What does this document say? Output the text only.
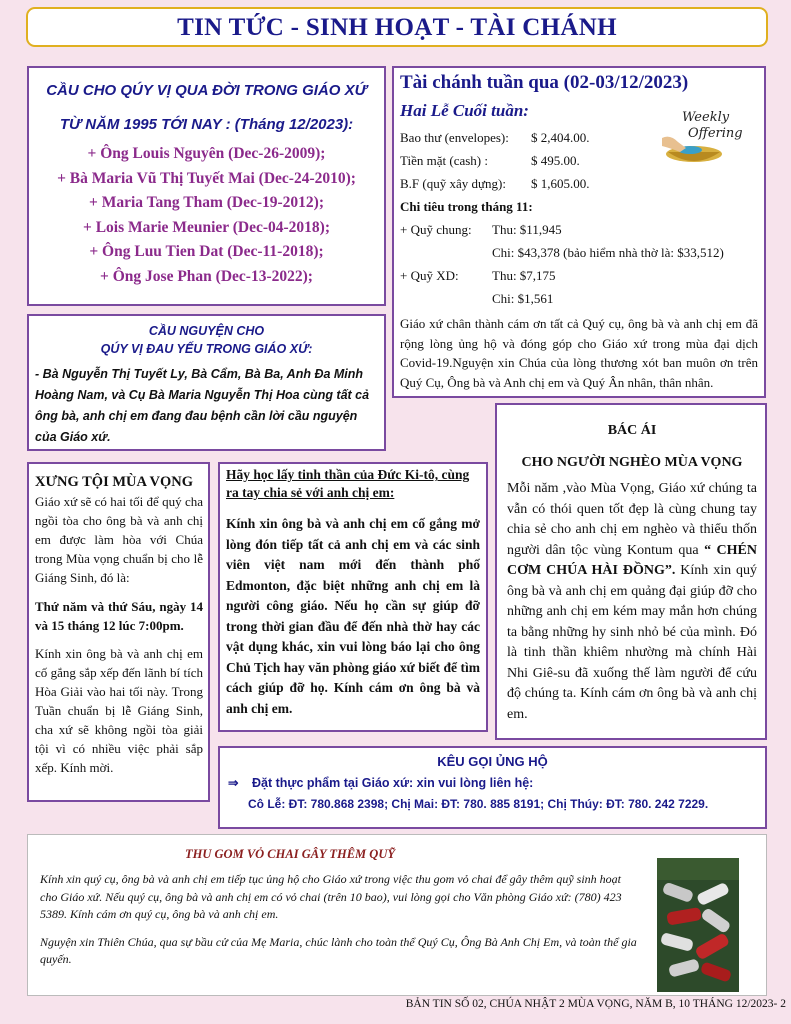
TIN TỨC - SINH HOẠT - TÀI CHÁNH

CẦU CHO QÚY VỊ QUA ĐỜI TRONG GIÁO XỨ

TỪ NĂM 1995 TỚI NAY : (Tháng 12/2023):

+ Ông Louis Nguyên (Dec-26-2009);

+ Bà Maria Vũ Thị Tuyết Mai (Dec-24-2010);

+ Maria Tang Tham (Dec-19-2012);

+ Lois Marie Meunier (Dec-04-2018);

+ Ông Luu Tien Dat (Dec-11-2018);

+ Ông Jose Phan (Dec-13-2022);

CẦU NGUYỆN CHO

QÚY VỊ ĐAU YẾU TRONG GIÁO XỨ:

- Bà Nguyễn Thị Tuyết Ly, Bà Cẩm, Bà Ba, Anh Đa Minh Hoàng Nam, và Cụ Bà Maria Nguyễn Thị Hoa cùng tất cả ông bà, anh chị em đang đau bệnh cần lời cầu nguyện của Giáo xứ.

Tài chánh tuần qua (02-03/12/2023)

Hai Lễ Cuối tuần:

Bao thư (envelopes):	$ 2,404.00.
Tiền mặt (cash) :	$ 495.00.
B.F (quỹ xây dựng):	$ 1,605.00.

Chi tiêu trong tháng 11:

+ Quỹ chung:	Thu: $11,945
Chi: $43,378 (bảo hiểm nhà thờ là: $33,512)
+ Quỹ XD:	Thu: $7,175
Chi: $1,561

Giáo xứ chân thành cám ơn tất cả Quý cụ, ông bà và anh chị em đã rộng lòng ủng hộ và đóng góp cho Giáo xứ trong mùa đại dịch Covid-19.Nguyện xin Chúa của lòng thương xót ban muôn ơn trên Quý Cụ, Ông bà và Anh chị em và Quý Ân nhân, thân nhân.

Weekly
Offering

BÁC ÁI

CHO NGƯỜI NGHÈO MÙA VỌNG

Mỗi năm ,vào Mùa Vọng, Giáo xứ chúng ta vẫn có thói quen tốt đẹp là cùng chung tay chia sẻ cho anh chị em nghèo và thiểu thốn người dân tộc vùng Kontum qua “ CHÉN CƠM CHÚA HÀI ĐỒNG”. Kính xin quý ông bà và anh chị em quảng đại giúp đỡ cho những anh chị em kém may mắn hơn chúng ta bằng những hy sinh nhỏ bé của mình. Đó là tinh thần khiêm nhường mà chính Hài Nhi Giê-su đã xuống thế làm người để cứu độ chúng ta. Kính cám ơn ông bà và anh chị em.

XƯNG TỘI MÙA VỌNG

Giáo xứ sẽ có hai tối để quý cha ngồi tòa cho ông bà và anh chị em được làm hòa với Chúa trong Mùa vọng chuẩn bị cho lễ Giáng Sinh, đó là:

Thứ năm và thứ Sáu, ngày 14 và 15 tháng 12 lúc 7:00pm.

Kính xin ông bà và anh chị em cố gắng sắp xếp đến lãnh bí tích Hòa Giải vào hai tối này. Trong Tuần chuẩn bị lễ Giáng Sinh, cha xứ sẽ không ngồi tòa giải tội vì có nhiều việc phải sắp xếp. Kính mời.

Hãy học lấy tinh thần của Đức Ki-tô, cùng ra tay chia sẻ với anh chị em:

Kính xin ông bà và anh chị em cố gắng mở lòng đón tiếp tất cả anh chị em và các sinh viên việt nam mới đến thành phố Edmonton, đặc biệt những anh chị em là người công giáo. Nếu họ cần sự giúp đỡ trong thời gian đầu để đến nhà thờ hay các vật dụng khác, xin vui lòng báo lại cho ông Chủ Tịch hay văn phòng giáo xứ biết để tìm cách giúp đỡ họ. Kính cám ơn ông bà và anh chị em.

KÊU GỌI ỦNG HỘ

⇒	Đặt thực phẩm tại Giáo xứ: xin vui lòng liên hệ:

Cô Lễ: ĐT: 780.868 2398; Chị Mai: ĐT: 780. 885 8191; Chị Thúy: ĐT: 780. 242 7229.

THU GOM VỎ CHAI GÂY THÊM QUỸ

Kính xin quý cụ, ông bà và anh chị em tiếp tục ủng hộ cho Giáo xứ trong việc thu gom vỏ chai để gây thêm quỹ sinh hoạt cho Giáo xứ. Nếu quý cụ, ông bà và anh chị em có vỏ chai (trên 10 bao), vui lòng gọi cho Văn phòng Giáo xứ: (780) 423 5389. Kính cám ơn quý cụ, ông bà và anh chị em.

Nguyện xin Thiên Chúa, qua sự bầu cử của Mẹ Maria, chúc lành cho toàn thể Quý Cụ, Ông Bà Anh Chị Em, và toàn thể gia quyến.

BẢN TIN SỐ 02, CHÚA NHẬT 2 MÙA VỌNG, NĂM B, 10 THÁNG 12/2023- 2
